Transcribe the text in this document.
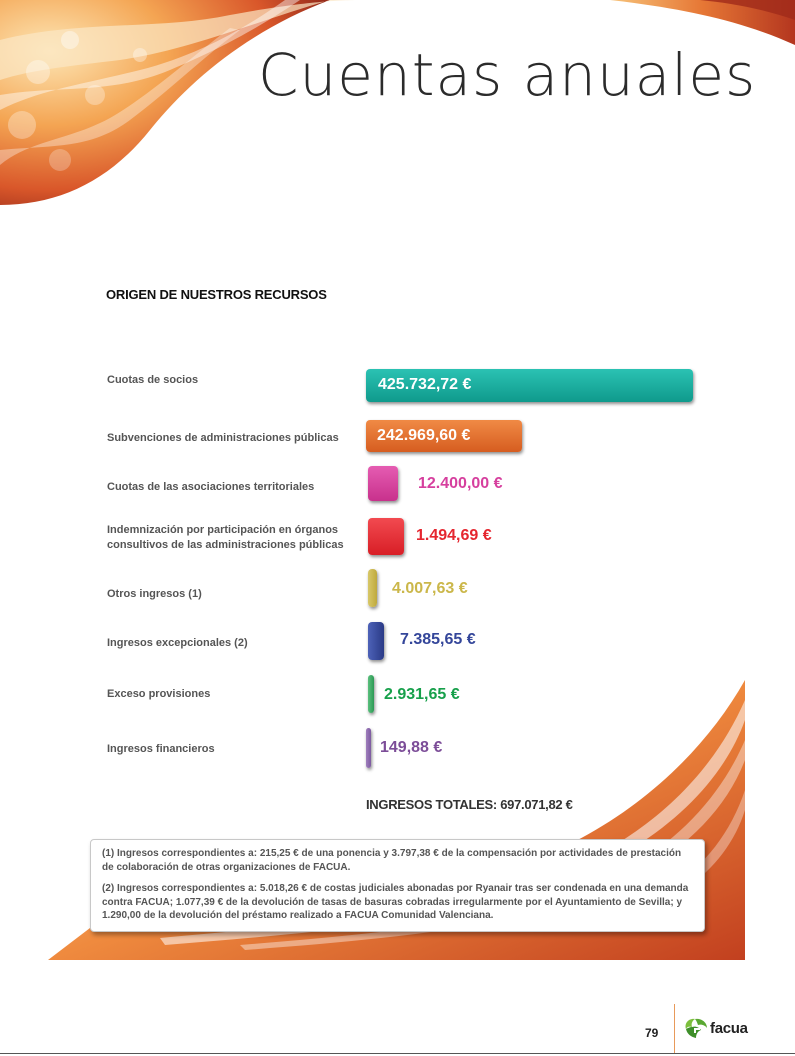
Cuentas anuales
ORIGEN DE NUESTROS RECURSOS
Cuotas de socios	425.732,72 €
Subvenciones de administraciones públicas 242.969,60 €
Cuotas de las asociaciones territoriales	12.400,00 €
Indemnización por participación en órganos
consultivos de las administraciones públicas
1.494,69 €
Otros ingresos (1)	4.007,63 €
Ingresos excepcionales (2)	7.385,65 €
Exceso provisiones	2.931,65 €
Ingresos financieros	149,88 €
INGRESOS TOTALES: 697.071,82 €

(1) Ingresos correspondientes a: 215,25 € de una ponencia y 3.797,38 € de la compensación por actividades de prestación de colaboración de otras organizaciones de FACUA.

(2) Ingresos correspondientes a: 5.018,26 € de costas judiciales abonadas por Ryanair tras ser condenada en una demanda contra FACUA; 1.077,39 € de la devolución de tasas de basuras cobradas irregularmente por el Ayuntamiento de Sevilla; y 1.290,00 de la devolución del préstamo realizado a FACUA Comunidad Valenciana.

79	facua
